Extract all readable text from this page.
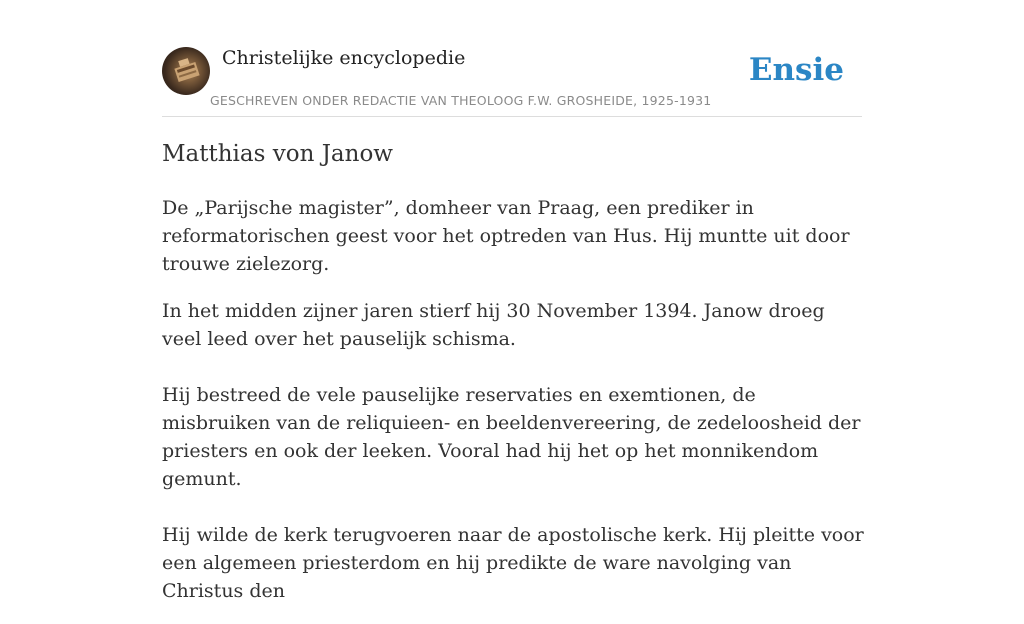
Christelijke encyclopedie
GESCHREVEN ONDER REDACTIE VAN THEOLOOG F.W. GROSHEIDE, 1925-1931
Ensie
Matthias von Janow

De „Parijsche magister”, domheer van Praag, een prediker in reformatorischen geest voor het optreden van Hus. Hij muntte uit door trouwe zielezorg.

In het midden zijner jaren stierf hij 30 November 1394. Janow droeg veel leed over het pauselijk schisma.

Hij bestreed de vele pauselijke reservaties en exemtionen, de misbruiken van de reliquieen- en beeldenvereering, de zedeloosheid der priesters en ook der leeken. Vooral had hij het op het monnikendom gemunt.

Hij wilde de kerk terugvoeren naar de apostolische kerk. Hij pleitte voor een algemeen priesterdom en hij predikte de ware navolging van Christus den
